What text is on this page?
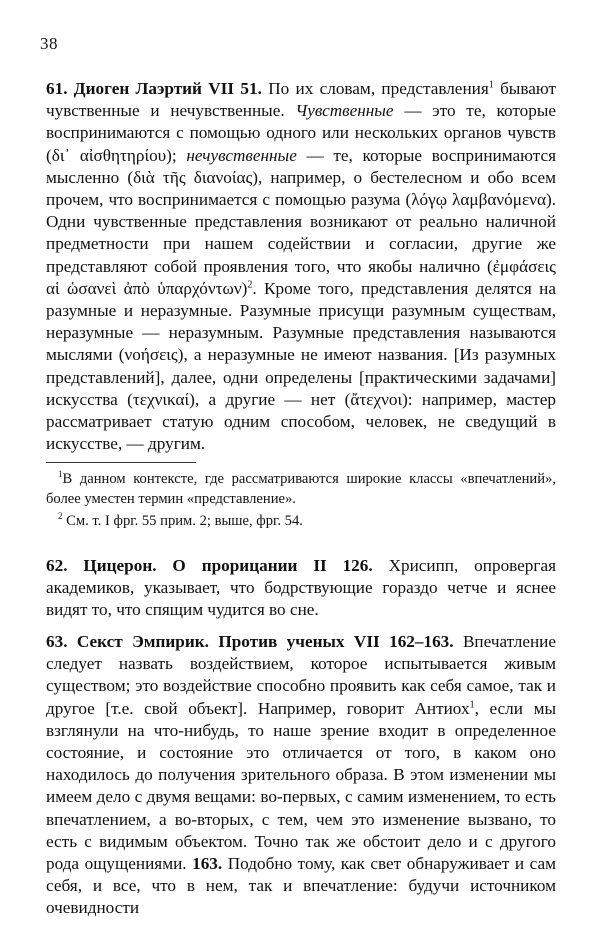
38

61. Диоген Лаэртий VII 51. По их словам, представления$^1$ бывают чувственные и нечувственные. Чувственные — это те, которые воспринимаются с помощью одного или нескольких органов чувств (δι᾽ αἰσθητηρίου); нечувственные — те, которые воспринимаются мысленно (διὰ τῆς διανοίας), например, о бестелесном и обо всем прочем, что воспринимается с помощью разума (λόγῳ λαμβανόμενα). Одни чувственные представления возникают от реально наличной предметности при нашем содействии и согласии, другие же представляют собой проявления того, что якобы налично (ἐμφάσεις αἱ ὡσανεὶ ἀπὸ ὑπαρχόντων)$^2$. Кроме того, представления делятся на разумные и неразумные. Разумные присущи разумным существам, неразумные — неразумным. Разумные представления называются мыслями (νοήσεις), а неразумные не имеют названия. [Из разумных представлений], далее, одни определены [практическими задачами] искусства (τεχνικαί), а другие — нет (ἄτεχνοι): например, мастер рассматривает статую одним способом, человек, не сведущий в искусстве, — другим.

$^1$В данном контексте, где рассматриваются широкие классы «впечатлений», более уместен термин «представление».

$^2$ См. т. I фрг. 55 прим. 2; выше, фрг. 54.

62. Цицерон. О прорицании II 126. Хрисипп, опровергая академиков, указывает, что бодрствующие гораздо четче и яснее видят то, что спящим чудится во сне.

63. Секст Эмпирик. Против ученых VII 162–163. Впечатление следует назвать воздействием, которое испытывается живым существом; это воздействие способно проявить как себя самое, так и другое [т.е. свой объект]. Например, говорит Антиох$^1$, если мы взглянули на что-нибудь, то наше зрение входит в определенное состояние, и состояние это отличается от того, в каком оно находилось до получения зрительного образа. В этом изменении мы имеем дело с двумя вещами: во-первых, с самим изменением, то есть впечатлением, а во-вторых, с тем, чем это изменение вызвано, то есть с видимым объектом. Точно так же обстоит дело и с другого рода ощущениями. 163. Подобно тому, как свет обнаруживает и сам себя, и все, что в нем, так и впечатление: будучи источником очевидности
